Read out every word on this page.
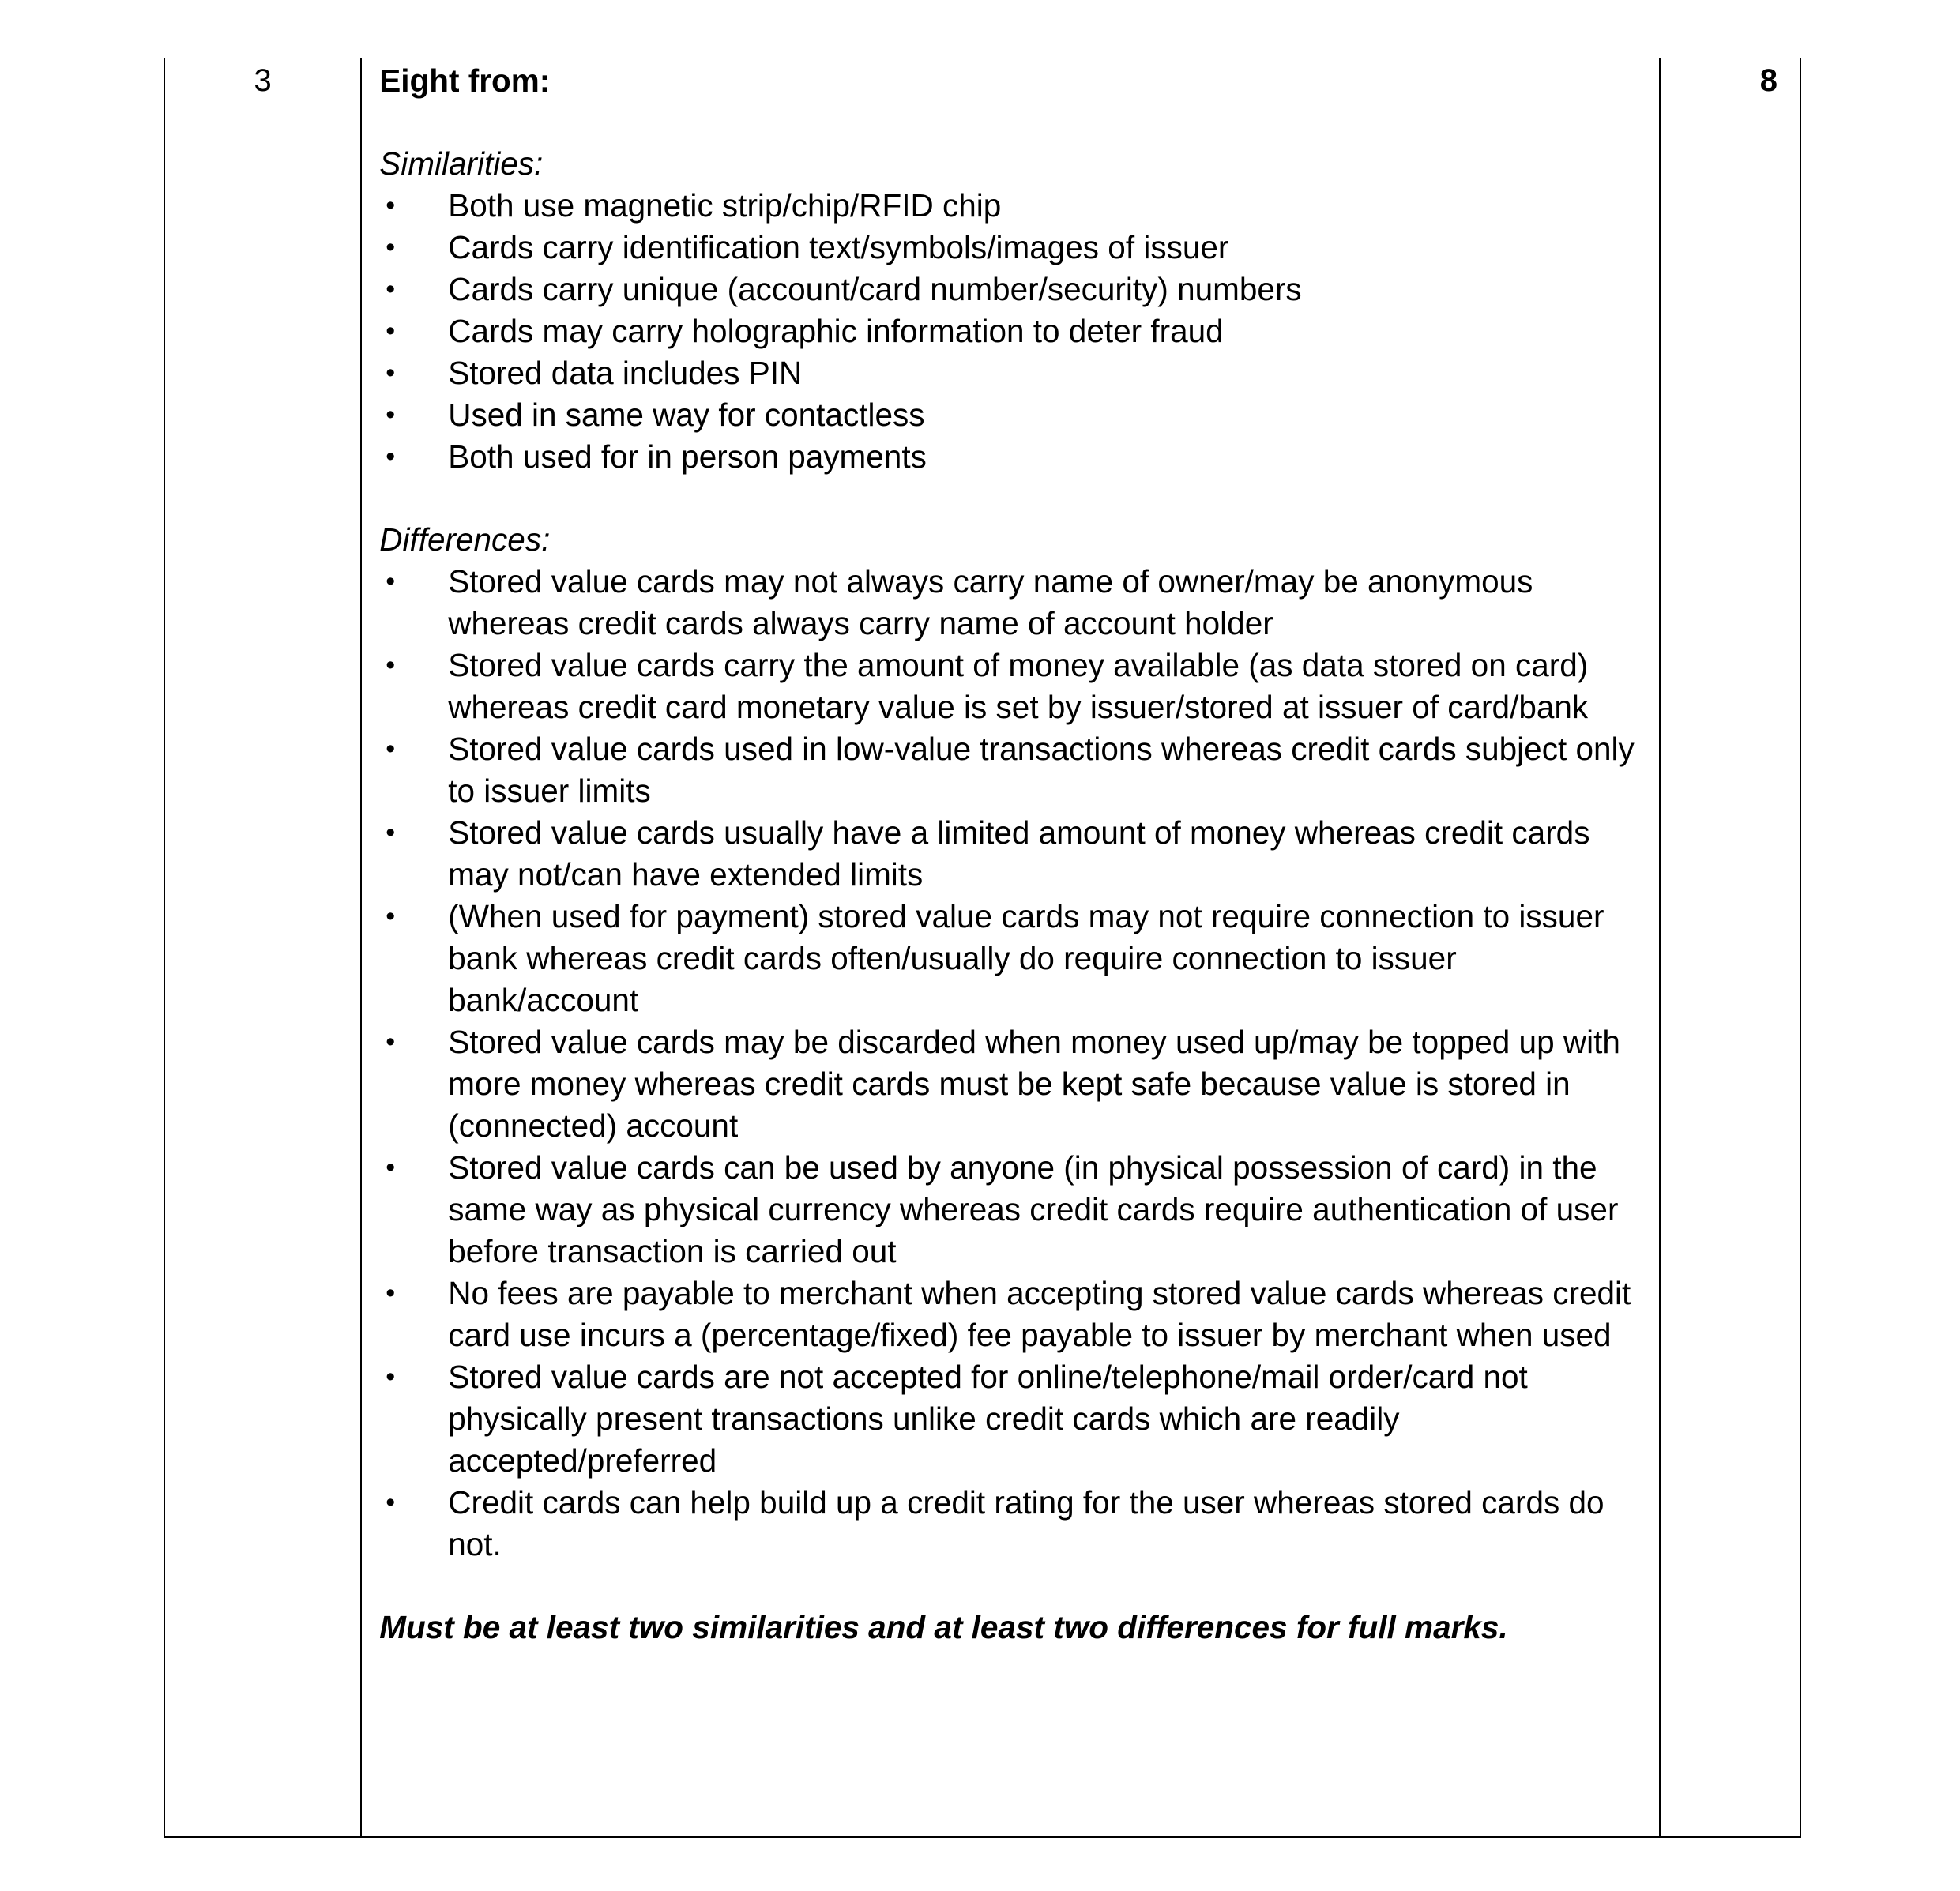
3	Eight from:

Similarities:

• Both use magnetic strip/chip/RFID chip
• Cards carry identification text/symbols/images of issuer
• Cards carry unique (account/card number/security) numbers
• Cards may carry holographic information to deter fraud
• Stored data includes PIN
• Used in same way for contactless
• Both used for in person payments

Differences:

• Stored value cards may not always carry name of owner/may be anonymous whereas credit cards always carry name of account holder
• Stored value cards carry the amount of money available (as data stored on card) whereas credit card monetary value is set by issuer/stored at issuer of card/bank
• Stored value cards used in low-value transactions whereas credit cards subject only to issuer limits
• Stored value cards usually have a limited amount of money whereas credit cards may not/can have extended limits
• (When used for payment) stored value cards may not require connection to issuer bank whereas credit cards often/usually do require connection to issuer bank/account
• Stored value cards may be discarded when money used up/may be topped up with more money whereas credit cards must be kept safe because value is stored in (connected) account
• Stored value cards can be used by anyone (in physical possession of card) in the same way as physical currency whereas credit cards require authentication of user before transaction is carried out
• No fees are payable to merchant when accepting stored value cards whereas credit card use incurs a (percentage/fixed) fee payable to issuer by merchant when used
• Stored value cards are not accepted for online/telephone/mail order/card not physically present transactions unlike credit cards which are readily accepted/preferred
• Credit cards can help build up a credit rating for the user whereas stored cards do not.

Must be at least two similarities and at least two differences for full marks.

	8
